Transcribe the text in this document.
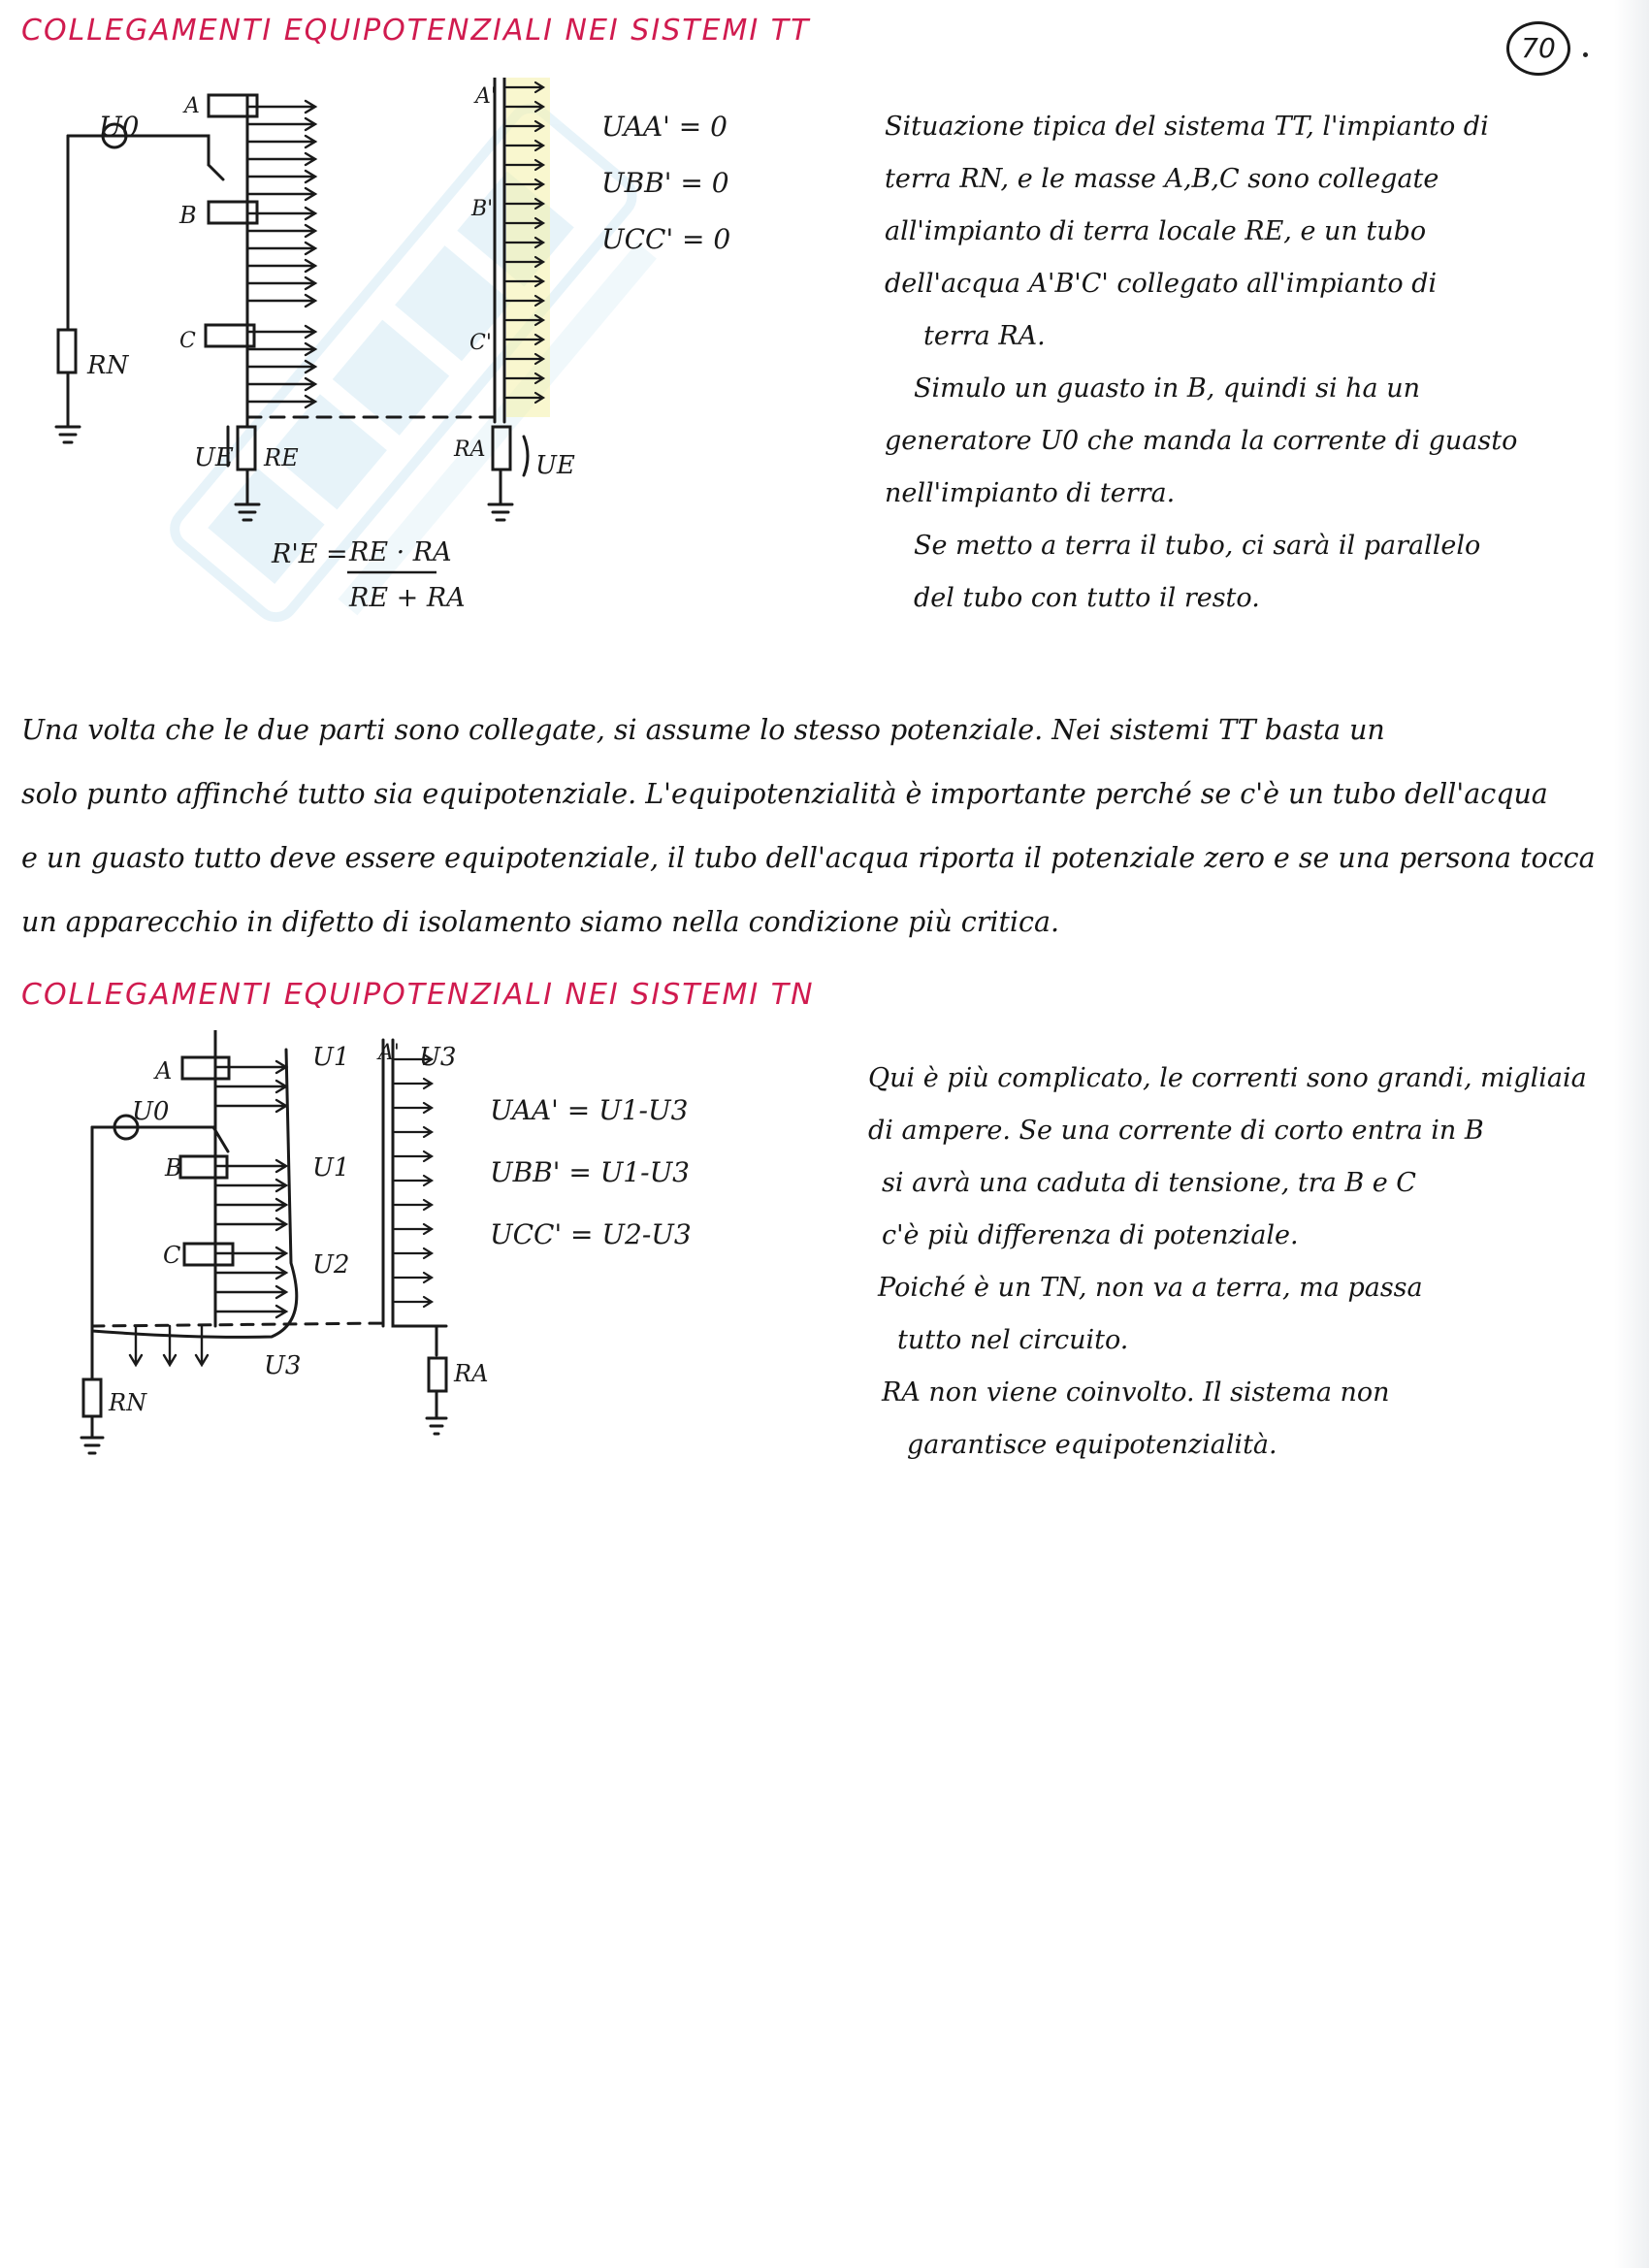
COLLEGAMENTI EQUIPOTENZIALI NEI SISTEMI TT
70
U0
A
B
C
RN
UE RE
A'
B'
C'
RA
UE
UAA' = 0
UBB' = 0
UCC' = 0
R'E = RE · RA
RE + RA
Situazione tipica del sistema TT, l'impianto di
terra RN, e le masse A,B,C sono collegate
all'impianto di terra locale RE, e un tubo
dell'acqua A'B'C' collegato all'impianto di
terra RA.
Simulo un guasto in B, quindi si ha un
generatore U0 che manda la corrente di guasto
nell'impianto di terra.
Se metto a terra il tubo, ci sarà il parallelo
del tubo con tutto il resto.
Una volta che le due parti sono collegate, si assume lo stesso potenziale. Nei sistemi TT basta un
solo punto affinché tutto sia equipotenziale. L'equipotenzialità è importante perché se c'è un tubo dell'acqua
e un guasto tutto deve essere equipotenziale, il tubo dell'acqua riporta il potenziale zero e se una persona tocca
un apparecchio in difetto di isolamento siamo nella condizione più critica.
COLLEGAMENTI EQUIPOTENZIALI NEI SISTEMI TN
A
B
C
U0
U1
U1
U2
U3
RN
A' U3
RA
UAA' = U1-U3
UBB' = U1-U3
UCC' = U2-U3
Qui è più complicato, le correnti sono grandi, migliaia
di ampere. Se una corrente di corto entra in B
si avrà una caduta di tensione, tra B e C
c'è più differenza di potenziale.
Poiché è un TN, non va a terra, ma passa
tutto nel circuito.
RA non viene coinvolto. Il sistema non
garantisce equipotenzialità.
